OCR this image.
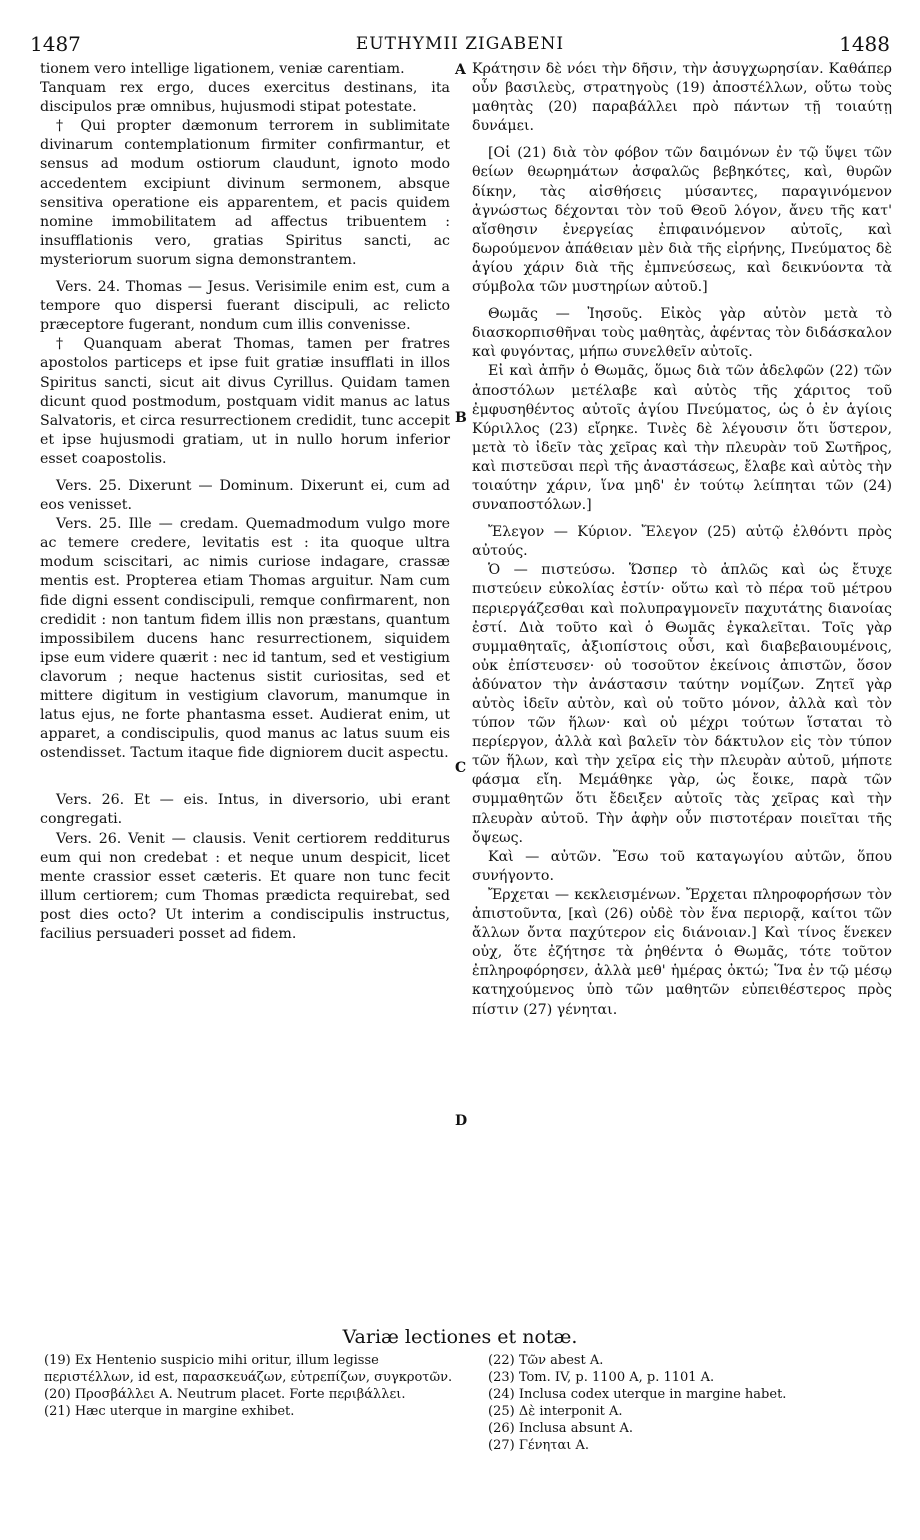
1487	EUTHYMII ZIGABENI	1488
A
B
C
D

tionem vero intellige ligationem, veniæ carentiam.

Tanquam rex ergo, duces exercitus destinans, ita discipulos præ omnibus, hujusmodi stipat potestate.

† Qui propter dæmonum terrorem in sublimitate divinarum contemplationum firmiter confirmantur, et sensus ad modum ostiorum claudunt, ignoto modo accedentem excipiunt divinum sermonem, absque sensitiva operatione eis apparentem, et pacis quidem nomine immobilitatem ad affectus tribuentem : insufflationis vero, gratias Spiritus sancti, ac mysteriorum suorum signa demonstrantem.

Vers. 24. Thomas — Jesus. Verisimile enim est, cum a tempore quo dispersi fuerant discipuli, ac relicto præceptore fugerant, nondum cum illis convenisse.

† Quanquam aberat Thomas, tamen per fratres apostolos particeps et ipse fuit gratiæ insufflati in illos Spiritus sancti, sicut ait divus Cyrillus. Quidam tamen dicunt quod postmodum, postquam vidit manus ac latus Salvatoris, et circa resurrectionem credidit, tunc accepit et ipse hujusmodi gratiam, ut in nullo horum inferior esset coapostolis.

Vers. 25. Dixerunt — Dominum. Dixerunt ei, cum ad eos venisset.

Vers. 25. Ille — credam. Quemadmodum vulgo more ac temere credere, levitatis est : ita quoque ultra modum sciscitari, ac nimis curiose indagare, crassæ mentis est. Propterea etiam Thomas arguitur. Nam cum fide digni essent condiscipuli, remque confirmarent, non credidit : non tantum fidem illis non præstans, quantum impossibilem ducens hanc resurrectionem, siquidem ipse eum videre quærit : nec id tantum, sed et vestigium clavorum ; neque hactenus sistit curiositas, sed et mittere digitum in vestigium clavorum, manumque in latus ejus, ne forte phantasma esset. Audierat enim, ut apparet, a condiscipulis, quod manus ac latus suum eis ostendisset. Tactum itaque fide digniorem ducit aspectu.

Vers. 26. Et — eis. Intus, in diversorio, ubi erant congregati.

Vers. 26. Venit — clausis. Venit certiorem redditurus eum qui non credebat : et neque unum despicit, licet mente crassior esset cæteris. Et quare non tunc fecit illum certiorem; cum Thomas prædicta requirebat, sed post dies octo? Ut interim a condiscipulis instructus, facilius persuaderi posset ad fidem.

Κράτησιν δὲ νόει τὴν δῆσιν, τὴν ἀσυγχωρησίαν. Καθάπερ οὖν βασιλεὺς, στρατηγοὺς (19) ἀποστέλλων, οὕτω τοὺς μαθητὰς (20) παραβάλλει πρὸ πάντων τῇ τοιαύτῃ δυνάμει.

[Οἱ (21) διὰ τὸν φόβον τῶν δαιμόνων ἐν τῷ ὕψει τῶν θείων θεωρημάτων ἀσφαλῶς βεβηκότες, καὶ, θυρῶν δίκην, τὰς αἰσθήσεις μύσαντες, παραγινόμενον ἀγνώστως δέχονται τὸν τοῦ Θεοῦ λόγον, ἄνευ τῆς κατ' αἴσθησιν ἐνεργείας ἐπιφαινόμενον αὐτοῖς, καὶ δωρούμενον ἀπάθειαν μὲν διὰ τῆς εἰρήνης, Πνεύματος δὲ ἁγίου χάριν διὰ τῆς ἐμπνεύσεως, καὶ δεικνύοντα τὰ σύμβολα τῶν μυστηρίων αὐτοῦ.]

Θωμᾶς — Ἰησοῦς. Εἰκὸς γὰρ αὐτὸν μετὰ τὸ διασκορπισθῆναι τοὺς μαθητὰς, ἀφέντας τὸν διδάσκαλον καὶ φυγόντας, μήπω συνελθεῖν αὐτοῖς.

Εἰ καὶ ἀπῆν ὁ Θωμᾶς, ὅμως διὰ τῶν ἀδελφῶν (22) τῶν ἀποστόλων μετέλαβε καὶ αὐτὸς τῆς χάριτος τοῦ ἐμφυσηθέντος αὐτοῖς ἁγίου Πνεύματος, ὡς ὁ ἐν ἁγίοις Κύριλλος (23) εἴρηκε. Τινὲς δὲ λέγουσιν ὅτι ὕστερον, μετὰ τὸ ἰδεῖν τὰς χεῖρας καὶ τὴν πλευρὰν τοῦ Σωτῆρος, καὶ πιστεῦσαι περὶ τῆς ἀναστάσεως, ἔλαβε καὶ αὐτὸς τὴν τοιαύτην χάριν, ἵνα μηδ' ἐν τούτῳ λείπηται τῶν (24) συναποστόλων.]

Ἔλεγον — Κύριον. Ἔλεγον (25) αὐτῷ ἐλθόντι πρὸς αὐτούς.

Ὁ — πιστεύσω. Ὥσπερ τὸ ἁπλῶς καὶ ὡς ἔτυχε πιστεύειν εὐκολίας ἐστίν· οὕτω καὶ τὸ πέρα τοῦ μέτρου περιεργάζεσθαι καὶ πολυπραγμονεῖν παχυτάτης διανοίας ἐστί. Διὰ τοῦτο καὶ ὁ Θωμᾶς ἐγκαλεῖται. Τοῖς γὰρ συμμαθηταῖς, ἀξιοπίστοις οὖσι, καὶ διαβεβαιουμένοις, οὐκ ἐπίστευσεν· οὐ τοσοῦτον ἐκείνοις ἀπιστῶν, ὅσον ἀδύνατον τὴν ἀνάστασιν ταύτην νομίζων. Ζητεῖ γὰρ αὐτὸς ἰδεῖν αὐτὸν, καὶ οὐ τοῦτο μόνον, ἀλλὰ καὶ τὸν τύπον τῶν ἥλων· καὶ οὐ μέχρι τούτων ἵσταται τὸ περίεργον, ἀλλὰ καὶ βαλεῖν τὸν δάκτυλον εἰς τὸν τύπον τῶν ἥλων, καὶ τὴν χεῖρα εἰς τὴν πλευρὰν αὐτοῦ, μήποτε φάσμα εἴη. Μεμάθηκε γὰρ, ὡς ἔοικε, παρὰ τῶν συμμαθητῶν ὅτι ἔδειξεν αὐτοῖς τὰς χεῖρας καὶ τὴν πλευρὰν αὐτοῦ. Τὴν ἁφὴν οὖν πιστοτέραν ποιεῖται τῆς ὄψεως.

Καὶ — αὐτῶν. Ἔσω τοῦ καταγωγίου αὐτῶν, ὅπου συνήγοντο.

Ἔρχεται — κεκλεισμένων. Ἔρχεται πληροφορήσων τὸν ἀπιστοῦντα, [καὶ (26) οὐδὲ τὸν ἕνα περιορᾷ, καίτοι τῶν ἄλλων ὄντα παχύτερον εἰς διάνοιαν.] Καὶ τίνος ἕνεκεν οὐχ, ὅτε ἐζήτησε τὰ ῥηθέντα ὁ Θωμᾶς, τότε τοῦτον ἐπληροφόρησεν, ἀλλὰ μεθ' ἡμέρας ὀκτώ; Ἵνα ἐν τῷ μέσῳ κατηχούμενος ὑπὸ τῶν μαθητῶν εὐπειθέστερος πρὸς πίστιν (27) γένηται.

Variæ lectiones et notæ.
(19) Ex Hentenio suspicio mihi oritur, illum legisse περιστέλλων, id est, παρασκευάζων, εὐτρεπίζων, συγκροτῶν.
(20) Προσβάλλει A. Neutrum placet. Forte περιβάλλει.
(21) Hæc uterque in margine exhibet.
(22) Τῶν abest A.
(23) Tom. IV, p. 1100 A, p. 1101 A.
(24) Inclusa codex uterque in margine habet.
(25) Δὲ interponit A.
(26) Inclusa absunt A.
(27) Γένηται A.
